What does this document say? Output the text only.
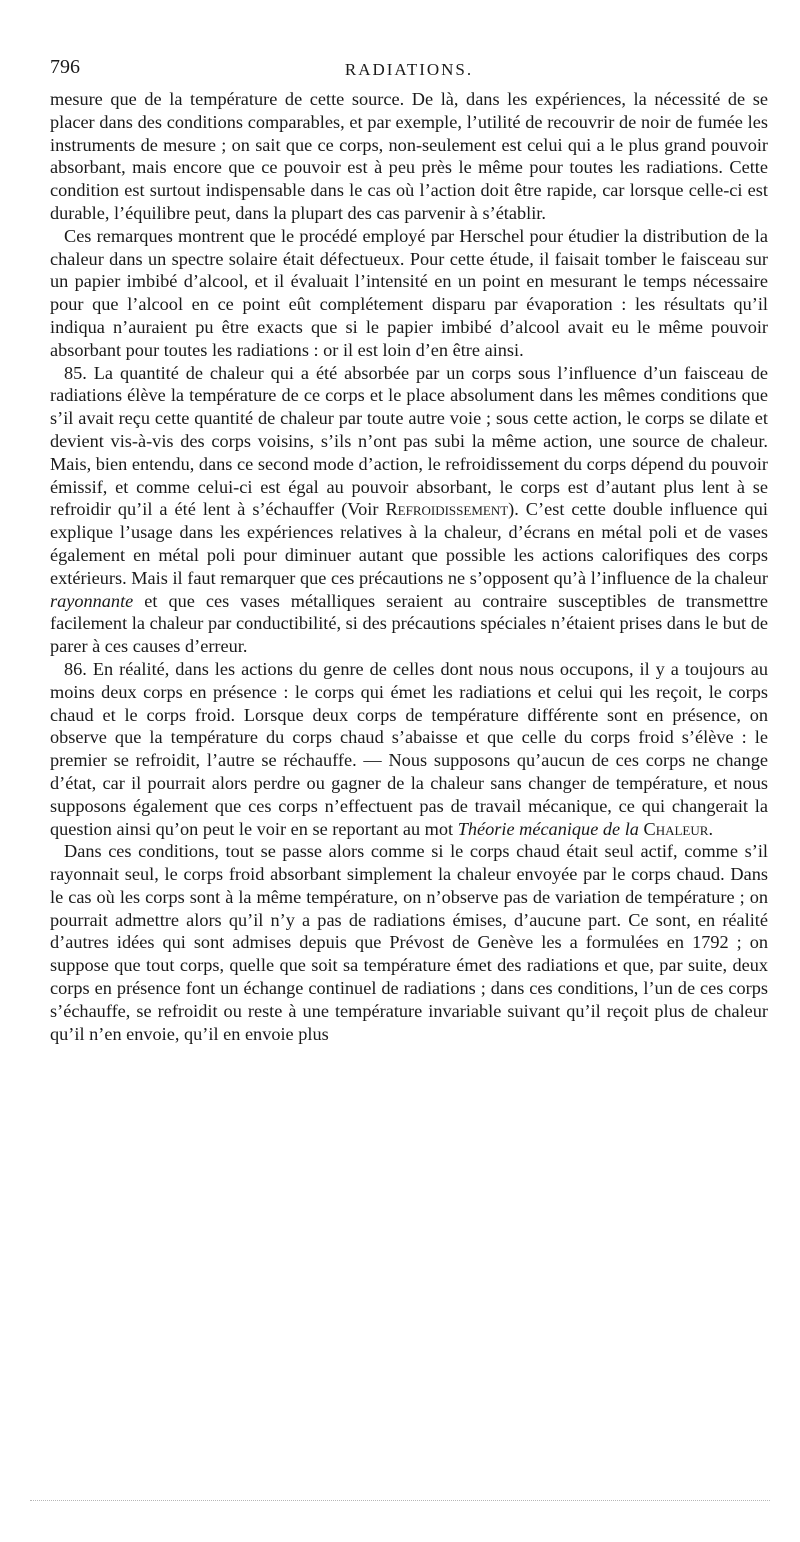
796	RADIATIONS.

mesure que de la température de cette source. De là, dans les expériences, la nécessité de se placer dans des conditions comparables, et par exemple, l’utilité de recouvrir de noir de fumée les instruments de mesure ; on sait que ce corps, non-seulement est celui qui a le plus grand pouvoir absorbant, mais encore que ce pouvoir est à peu près le même pour toutes les radiations. Cette condition est surtout indispensable dans le cas où l’action doit être rapide, car lorsque celle-ci est durable, l’équilibre peut, dans la plupart des cas parvenir à s’établir.

Ces remarques montrent que le procédé employé par Herschel pour étudier la distribution de la chaleur dans un spectre solaire était défectueux. Pour cette étude, il faisait tomber le faisceau sur un papier imbibé d’alcool, et il évaluait l’intensité en un point en mesurant le temps nécessaire pour que l’alcool en ce point eût complétement disparu par évaporation : les résultats qu’il indiqua n’auraient pu être exacts que si le papier imbibé d’alcool avait eu le même pouvoir absorbant pour toutes les radiations : or il est loin d’en être ainsi.

85. La quantité de chaleur qui a été absorbée par un corps sous l’influence d’un faisceau de radiations élève la température de ce corps et le place absolument dans les mêmes conditions que s’il avait reçu cette quantité de chaleur par toute autre voie ; sous cette action, le corps se dilate et devient vis-à-vis des corps voisins, s’ils n’ont pas subi la même action, une source de chaleur. Mais, bien entendu, dans ce second mode d’action, le refroidissement du corps dépend du pouvoir émissif, et comme celui-ci est égal au pouvoir absorbant, le corps est d’autant plus lent à se refroidir qu’il a été lent à s’échauffer (Voir Refroidissement). C’est cette double influence qui explique l’usage dans les expériences relatives à la chaleur, d’écrans en métal poli et de vases également en métal poli pour diminuer autant que possible les actions calorifiques des corps extérieurs. Mais il faut remarquer que ces précautions ne s’opposent qu’à l’influence de la chaleur rayonnante et que ces vases métalliques seraient au contraire susceptibles de transmettre facilement la chaleur par conductibilité, si des précautions spéciales n’étaient prises dans le but de parer à ces causes d’erreur.

86. En réalité, dans les actions du genre de celles dont nous nous occupons, il y a toujours au moins deux corps en présence : le corps qui émet les radiations et celui qui les reçoit, le corps chaud et le corps froid. Lorsque deux corps de température différente sont en présence, on observe que la température du corps chaud s’abaisse et que celle du corps froid s’élève : le premier se refroidit, l’autre se réchauffe. — Nous supposons qu’aucun de ces corps ne change d’état, car il pourrait alors perdre ou gagner de la chaleur sans changer de température, et nous supposons également que ces corps n’effectuent pas de travail mécanique, ce qui changerait la question ainsi qu’on peut le voir en se reportant au mot Théorie mécanique de la Chaleur.

Dans ces conditions, tout se passe alors comme si le corps chaud était seul actif, comme s’il rayonnait seul, le corps froid absorbant simplement la chaleur envoyée par le corps chaud. Dans le cas où les corps sont à la même température, on n’observe pas de variation de température ; on pourrait admettre alors qu’il n’y a pas de radiations émises, d’aucune part. Ce sont, en réalité d’autres idées qui sont admises depuis que Prévost de Genève les a formulées en 1792 ; on suppose que tout corps, quelle que soit sa température émet des radiations et que, par suite, deux corps en présence font un échange continuel de radiations ; dans ces conditions, l’un de ces corps s’échauffe, se refroidit ou reste à une température invariable suivant qu’il reçoit plus de chaleur qu’il n’en envoie, qu’il en envoie plus
